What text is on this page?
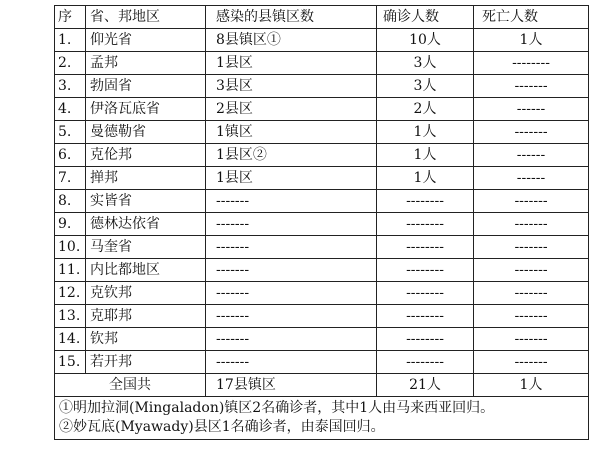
序	省、邦地区	感染的县镇区数	确诊人数	死亡人数
1.	仰光省	8县镇区①	10人	1人
2.	孟邦	1县区	3人	--------
3.	勃固省	3县区	3人	-------
4.	伊洛瓦底省	2县区	2人	------
5.	曼德勒省	1镇区	1人	-------
6.	克伦邦	1县区②	1人	------
7.	掸邦	1县区	1人	------
8.	实皆省	-------	--------	-------
9.	德林达依省	-------	--------	-------
10.	马奎省	-------	--------	-------
11.	内比都地区	-------	--------	-------
12.	克钦邦	-------	--------	-------
13.	克耶邦	-------	--------	-------
14.	钦邦	-------	--------	-------
15.	若开邦	-------	--------	-------
全国共		17县镇区	21人	1人

①明加拉洞(Mingaladon)镇区2名确诊者，其中1人由马来西亚回归。
②妙瓦底(Myawady)县区1名确诊者，由泰国回归。				
